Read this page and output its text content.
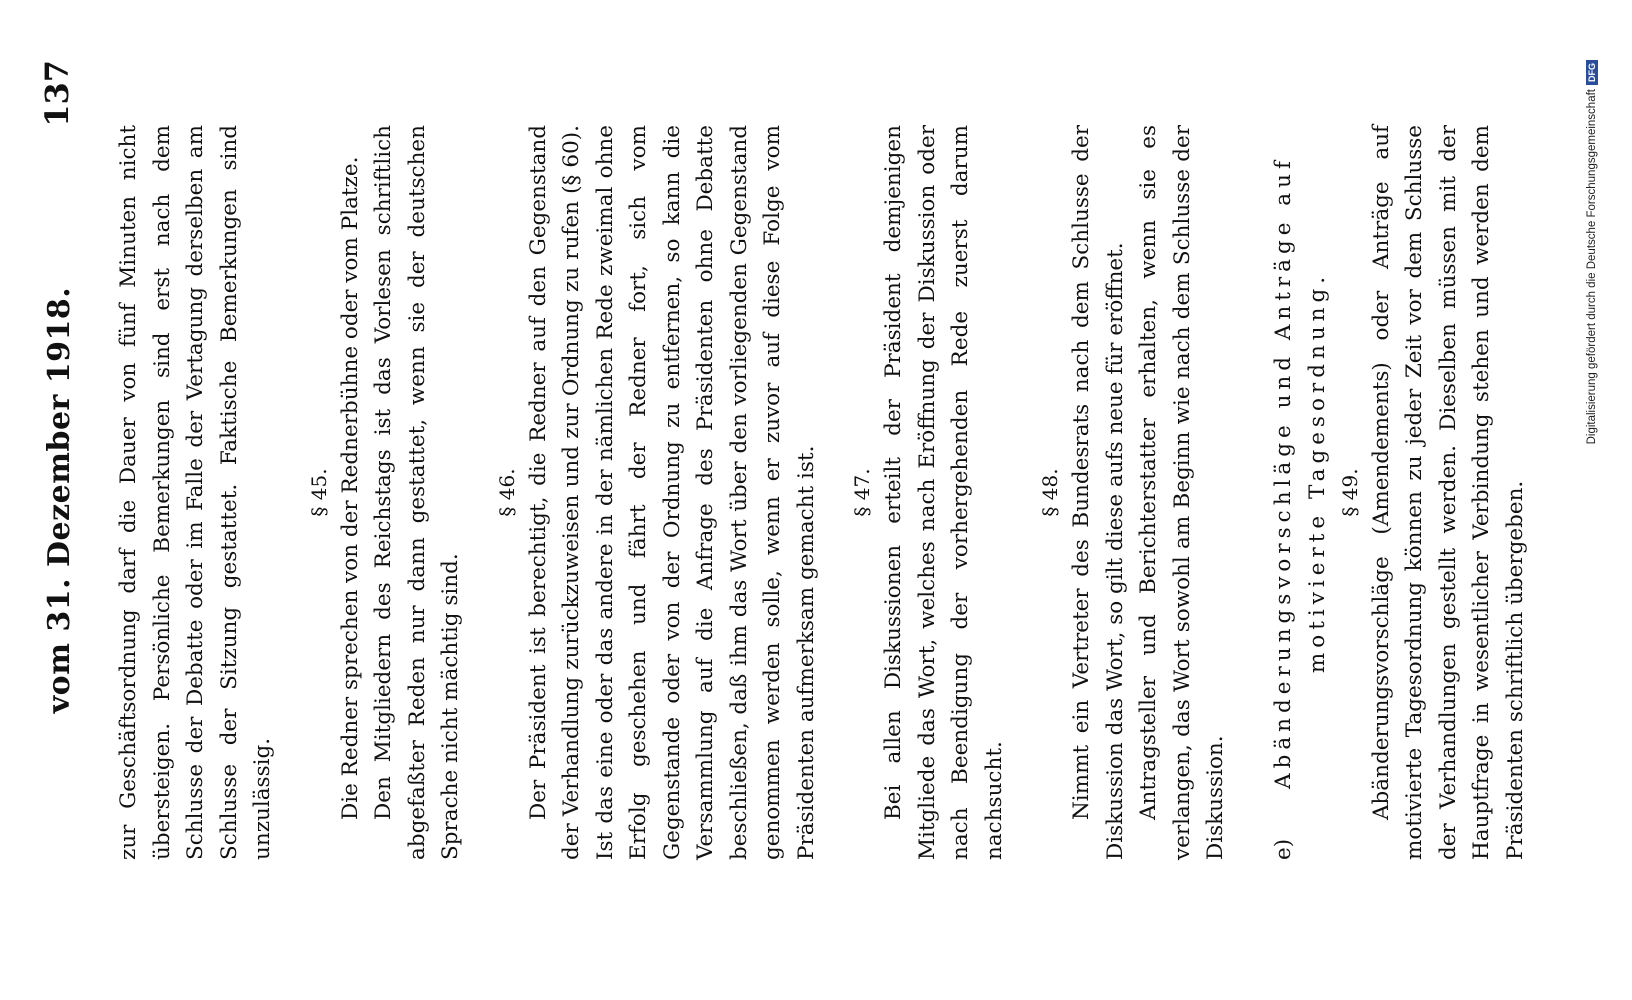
vom 31. Dezember 1918.
137

zur Geschäftsordnung darf die Dauer von fünf Minuten nicht übersteigen. Persönliche Bemerkungen sind erst nach dem Schlusse der Debatte oder im Falle der Vertagung derselben am Schlusse der Sitzung gestattet. Faktische Bemerkungen sind unzulässig.

§ 45. Die Redner sprechen von der Rednerbühne oder vom Platze. Den Mitgliedern des Reichstags ist das Vorlesen schriftlich abgefaßter Reden nur dann gestattet, wenn sie der deutschen Sprache nicht mächtig sind.

§ 46. Der Präsident ist berechtigt, die Redner auf den Gegenstand der Verhandlung zurückzuweisen und zur Ordnung zu rufen (§ 60). Ist das eine oder das andere in der nämlichen Rede zweimal ohne Erfolg geschehen und fährt der Redner fort, sich vom Gegenstande oder von der Ordnung zu entfernen, so kann die Versammlung auf die Anfrage des Präsidenten ohne Debatte beschließen, daß ihm das Wort über den vorliegenden Gegenstand genommen werden solle, wenn er zuvor auf diese Folge vom Präsidenten aufmerksam gemacht ist. § 47. Bei allen Diskussionen erteilt der Präsident demjenigen Mitgliede das Wort, welches nach Eröffnung der Diskussion oder nach Beendigung der vorhergehenden Rede zuerst darum nachsucht.

§ 48. Nimmt ein Vertreter des Bundesrats nach dem Schlusse der Diskussion das Wort, so gilt diese aufs neue für eröffnet. Antragsteller und Berichterstatter erhalten, wenn sie es verlangen, das Wort sowohl am Beginn wie nach dem Schlusse der Diskussion. e)
Abänderungsvorschläge und Anträge auf motivierte Tagesordnung. § 49. Abänderungsvorschläge (Amendements) oder Anträge auf motivierte Tagesordnung können zu jeder Zeit vor dem Schlusse der Verhandlungen gestellt werden. Dieselben müssen mit der Hauptfrage in wesentlicher Verbindung stehen und werden dem Präsidenten schriftlich übergeben.

Digitalisierung gefördert durch die Deutsche ForschungsgemeinschaftDFG
